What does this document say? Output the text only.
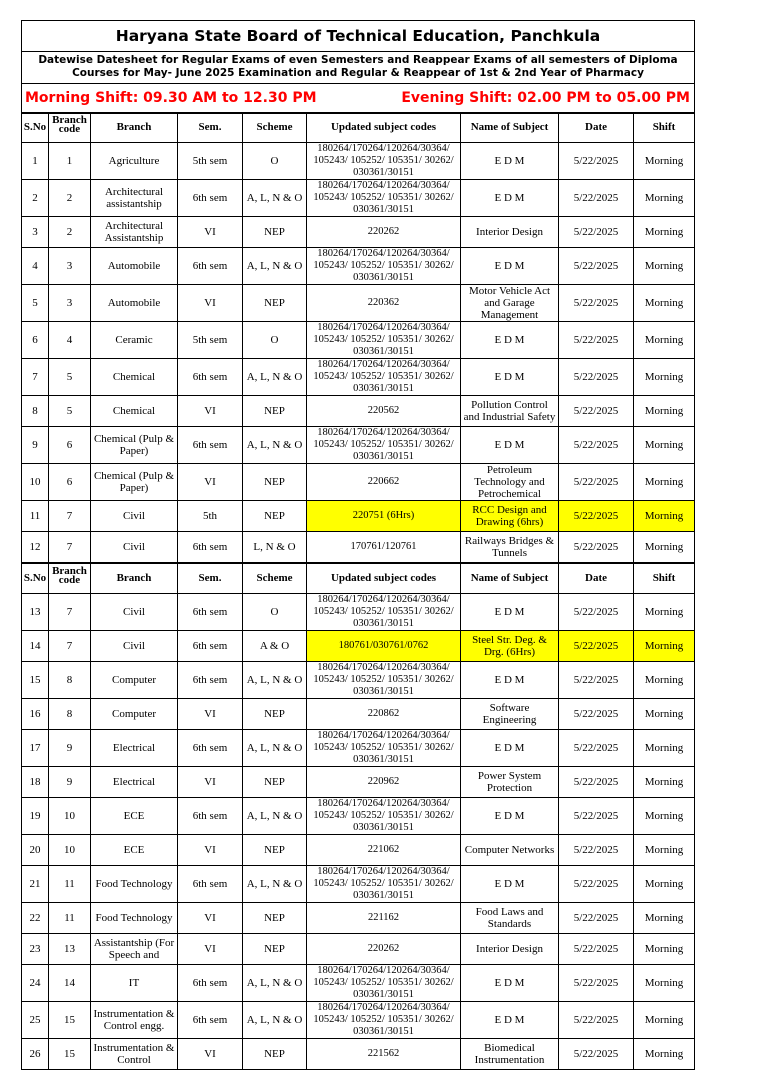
Haryana State Board of Technical Education, Panchkula
Datewise Datesheet for Regular Exams of even Semesters and Reappear Exams of all semesters of Diploma
Courses for May- June 2025 Examination and Regular & Reappear of 1st & 2nd Year of Pharmacy
Morning Shift: 09.30 AM to 12.30 PM	Evening Shift: 02.00 PM to 05.00 PM
S.No	Branch code	Branch	Sem.	Scheme	Updated subject codes	Name of Subject	Date	Shift
1	1	Agriculture	5th sem	O	180264/170264/120264/30364/ 105243/ 105252/ 105351/ 30262/ 030361/30151	E D M	5/22/2025	Morning
2	2	Architectural assistantship	6th sem	A, L, N & O	180264/170264/120264/30364/ 105243/ 105252/ 105351/ 30262/ 030361/30151	E D M	5/22/2025	Morning
3	2	Architectural Assistantship	VI	NEP	220262	Interior Design	5/22/2025	Morning
4	3	Automobile	6th sem	A, L, N & O	180264/170264/120264/30364/ 105243/ 105252/ 105351/ 30262/ 030361/30151	E D M	5/22/2025	Morning
5	3	Automobile	VI	NEP	220362	Motor Vehicle Act and Garage Management	5/22/2025	Morning
6	4	Ceramic	5th sem	O	180264/170264/120264/30364/ 105243/ 105252/ 105351/ 30262/ 030361/30151	E D M	5/22/2025	Morning
7	5	Chemical	6th sem	A, L, N & O	180264/170264/120264/30364/ 105243/ 105252/ 105351/ 30262/ 030361/30151	E D M	5/22/2025	Morning
8	5	Chemical	VI	NEP	220562	Pollution Control and Industrial Safety	5/22/2025	Morning
9	6	Chemical (Pulp & Paper)	6th sem	A, L, N & O	180264/170264/120264/30364/ 105243/ 105252/ 105351/ 30262/ 030361/30151	E D M	5/22/2025	Morning
10	6	Chemical (Pulp & Paper)	VI	NEP	220662	Petroleum Technology and Petrochemical	5/22/2025	Morning
11	7	Civil	5th	NEP	220751 (6Hrs)	RCC Design and Drawing (6hrs)	5/22/2025	Morning
12	7	Civil	6th sem	L, N & O	170761/120761	Railways Bridges & Tunnels	5/22/2025	Morning
S.No	Branch code	Branch	Sem.	Scheme	Updated subject codes	Name of Subject	Date	Shift
13	7	Civil	6th sem	O	180264/170264/120264/30364/ 105243/ 105252/ 105351/ 30262/ 030361/30151	E D M	5/22/2025	Morning
14	7	Civil	6th sem	A & O	180761/030761/0762	Steel Str. Deg. & Drg. (6Hrs)	5/22/2025	Morning
15	8	Computer	6th sem	A, L, N & O	180264/170264/120264/30364/ 105243/ 105252/ 105351/ 30262/ 030361/30151	E D M	5/22/2025	Morning
16	8	Computer	VI	NEP	220862	Software Engineering	5/22/2025	Morning
17	9	Electrical	6th sem	A, L, N & O	180264/170264/120264/30364/ 105243/ 105252/ 105351/ 30262/ 030361/30151	E D M	5/22/2025	Morning
18	9	Electrical	VI	NEP	220962	Power System Protection	5/22/2025	Morning
19	10	ECE	6th sem	A, L, N & O	180264/170264/120264/30364/ 105243/ 105252/ 105351/ 30262/ 030361/30151	E D M	5/22/2025	Morning
20	10	ECE	VI	NEP	221062	Computer Networks	5/22/2025	Morning
21	11	Food Technology	6th sem	A, L, N & O	180264/170264/120264/30364/ 105243/ 105252/ 105351/ 30262/ 030361/30151	E D M	5/22/2025	Morning
22	11	Food Technology	VI	NEP	221162	Food Laws and Standards	5/22/2025	Morning
23	13	Assistantship (For Speech and	VI	NEP	220262	Interior Design	5/22/2025	Morning
24	14	IT	6th sem	A, L, N & O	180264/170264/120264/30364/ 105243/ 105252/ 105351/ 30262/ 030361/30151	E D M	5/22/2025	Morning
25	15	Instrumentation & Control engg.	6th sem	A, L, N & O	180264/170264/120264/30364/ 105243/ 105252/ 105351/ 30262/ 030361/30151	E D M	5/22/2025	Morning
26	15	Instrumentation & Control	VI	NEP	221562	Biomedical Instrumentation	5/22/2025	Morning
